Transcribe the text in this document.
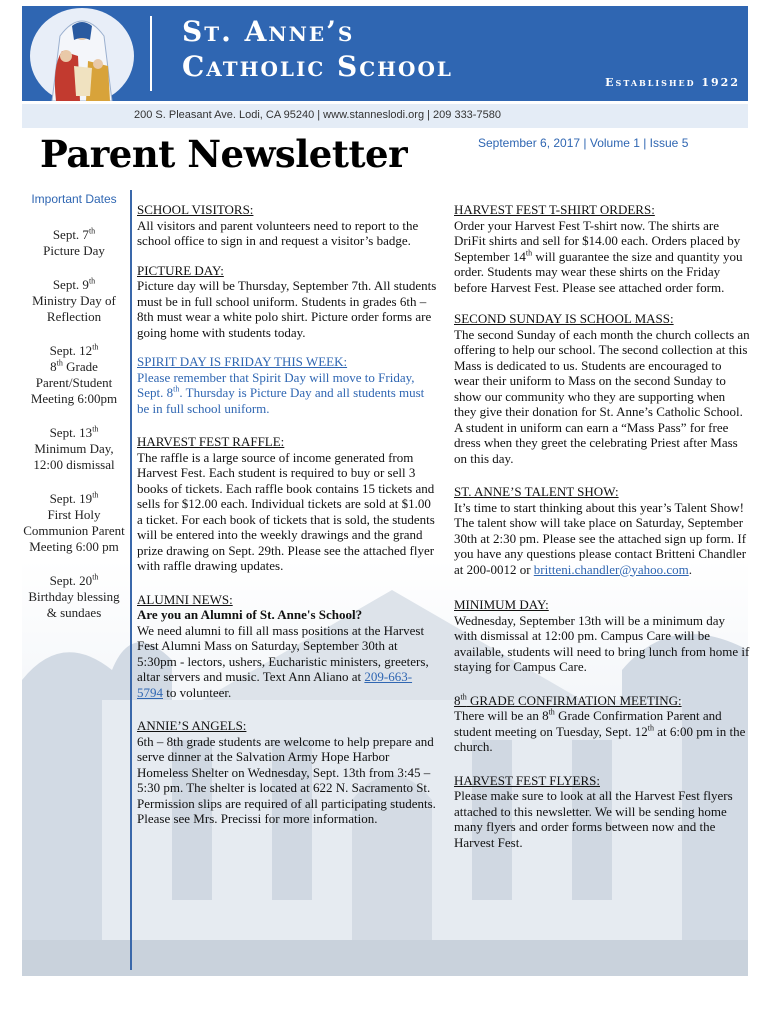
St. Anne’s
Catholic School	Established 1922
200 S. Pleasant Ave. Lodi, CA 95240 | www.stanneslodi.org | 209 333-7580
Parent Newsletter	September 6, 2017 | Volume 1 | Issue 5
Important Dates
Sept. 7th
Picture Day
Sept. 9th
Ministry Day of Reflection
Sept. 12th
8th Grade Parent/Student Meeting 6:00pm
Sept. 13th
Minimum Day, 12:00 dismissal
Sept. 19th
First Holy Communion Parent Meeting 6:00 pm
Sept. 20th
Birthday blessing & sundaes
SCHOOL VISITORS:

All visitors and parent volunteers need to report to the school office to sign in and request a visitor’s badge.

PICTURE DAY:

Picture day will be Thursday, September 7th. All students must be in full school uniform. Students in grades 6th – 8th must wear a white polo shirt. Picture order forms are going home with students today.

SPIRIT DAY IS FRIDAY THIS WEEK:

Please remember that Spirit Day will move to Friday, Sept. 8th. Thursday is Picture Day and all students must be in full school uniform.

HARVEST FEST RAFFLE:

The raffle is a large source of income generated from Harvest Fest. Each student is required to buy or sell 3 books of tickets. Each raffle book contains 15 tickets and sells for $12.00 each. Individual tickets are sold at $1.00 a ticket. For each book of tickets that is sold, the students will be entered into the weekly drawings and the grand prize drawing on Sept. 29th. Please see the attached flyer with raffle drawing updates.

ALUMNI NEWS:

Are you an Alumni of St. Anne's School?

We need alumni to fill all mass positions at the Harvest Fest Alumni Mass on Saturday, September 30th at 5:30pm - lectors, ushers, Eucharistic ministers, greeters, altar servers and music. Text Ann Aliano at 209-663-5794 to volunteer.

ANNIE’S ANGELS:

6th – 8th grade students are welcome to help prepare and serve dinner at the Salvation Army Hope Harbor Homeless Shelter on Wednesday, Sept. 13th from 3:45 – 5:30 pm. The shelter is located at 622 N. Sacramento St. Permission slips are required of all participating students. Please see Mrs. Precissi for more information.

HARVEST FEST T-SHIRT ORDERS:

Order your Harvest Fest T-shirt now. The shirts are DriFit shirts and sell for $14.00 each. Orders placed by September 14th will guarantee the size and quantity you order. Students may wear these shirts on the Friday before Harvest Fest. Please see attached order form.

SECOND SUNDAY IS SCHOOL MASS:

The second Sunday of each month the church collects an offering to help our school. The second collection at this Mass is dedicated to us. Students are encouraged to wear their uniform to Mass on the second Sunday to show our community who they are supporting when they give their donation for St. Anne’s Catholic School. A student in uniform can earn a “Mass Pass” for free dress when they greet the celebrating Priest after Mass on this day.

ST. ANNE’S TALENT SHOW:

It’s time to start thinking about this year’s Talent Show! The talent show will take place on Saturday, September 30th at 2:30 pm. Please see the attached sign up form. If you have any questions please contact Britteni Chandler at 200-0012 or britteni.chandler@yahoo.com.

MINIMUM DAY:

Wednesday, September 13th will be a minimum day with dismissal at 12:00 pm. Campus Care will be available, students will need to bring lunch from home if staying for Campus Care.

8th GRADE CONFIRMATION MEETING:

There will be an 8th Grade Confirmation Parent and student meeting on Tuesday, Sept. 12th at 6:00 pm in the church.

HARVEST FEST FLYERS:

Please make sure to look at all the Harvest Fest flyers attached to this newsletter. We will be sending home many flyers and order forms between now and the Harvest Fest.
